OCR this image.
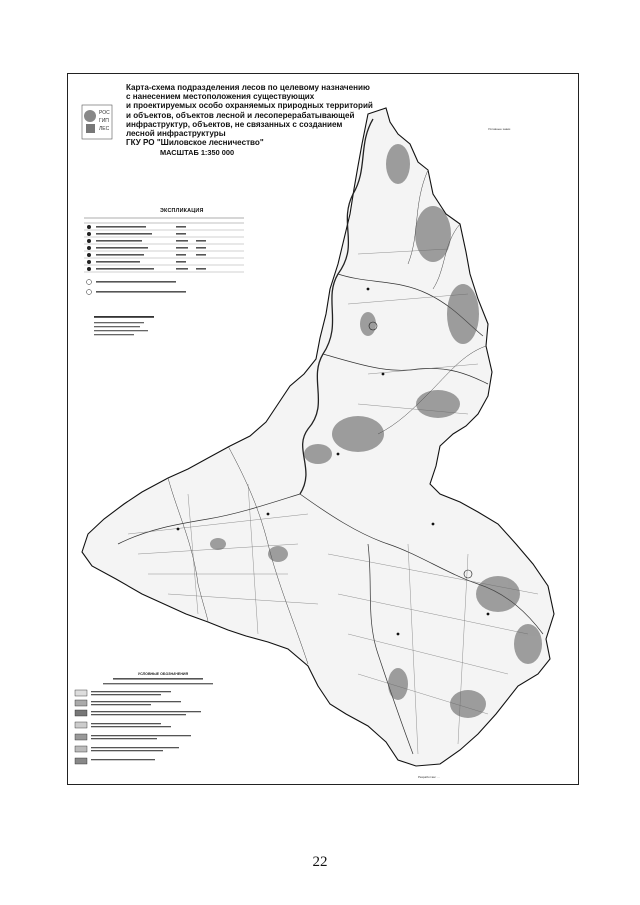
РОС
ГИП
ЛЕС	Условные знаки
Разработчик: ...
Карта-схема подразделения лесов по целевому назначению
с нанесением местоположения существующих
и проектируемых особо охраняемых природных территорий
и объектов, объектов лесной и лесоперерабатывающей
инфраструктур, объектов, не связанных с созданием
лесной инфраструктуры
ГКУ РО "Шиловское лесничество"
МАСШТАБ 1:350 000
ЭКСПЛИКАЦИЯ
УСЛОВНЫЕ ОБОЗНАЧЕНИЯ
22
